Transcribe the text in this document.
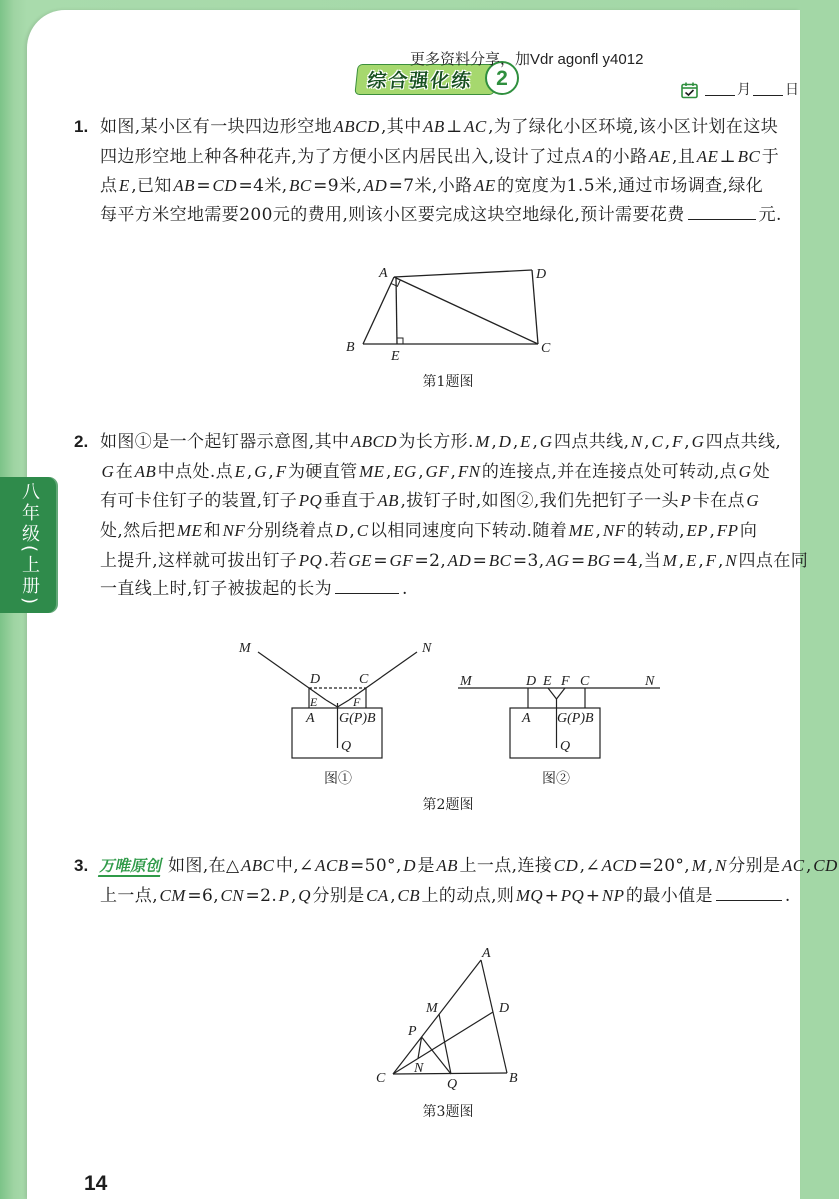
八年级(上册)
更多资料分享，加Vdr agonfl y4012
综合强化练 2
月 日
1. 如图,某小区有一块四边形空地ABCD,其中AB⊥AC,为了绿化小区环境,该小区计划在这块
四边形空地上种各种花卉,为了方便小区内居民出入,设计了过点A的小路AE,且AE⊥BC于
点E,已知AB=CD=4米,BC=9米,AD=7米,小路AE的宽度为1.5米,通过市场调查,绿化
每平方米空地需要200元的费用,则该小区要完成这块空地绿化,预计需要花费	元.
第1题图
2. 如图①是一个起钉器示意图,其中ABCD为长方形.M,D,E,G四点共线,N,C,F,G四点共线,
G在AB中点处.点E,G,F为硬直管ME,EG,GF,FN的连接点,并在连接点处可转动,点G处
有可卡住钉子的装置,钉子PQ垂直于AB,拔钉子时,如图②,我们先把钉子一头P卡在点G
处,然后把ME和NF分别绕着点D,C以相同速度向下转动.随着ME,NF的转动,EP,FP向
上提升,这样就可拔出钉子PQ.若GE=GF=2,AD=BC=3,AG=BG=4,当M,E,F,N四点在同
一直线上时,钉子被拔起的长为	.
图①	图②
第2题图
3. 万唯原创 如图,在△ABC中,∠ACB=50°,D是AB上一点,连接CD,∠ACD=20°,M,N分别是AC,CD
上一点,CM=6,CN=2.P,Q分别是CA,CB上的动点,则MQ+PQ+NP的最小值是	.
第3题图
14
A	D
B	C
E
M	N
D	C
E	F
A G(P)B
Q
M	N
D E F C
A G(P)B
Q
A
D
M
P
N
C	Q	B
